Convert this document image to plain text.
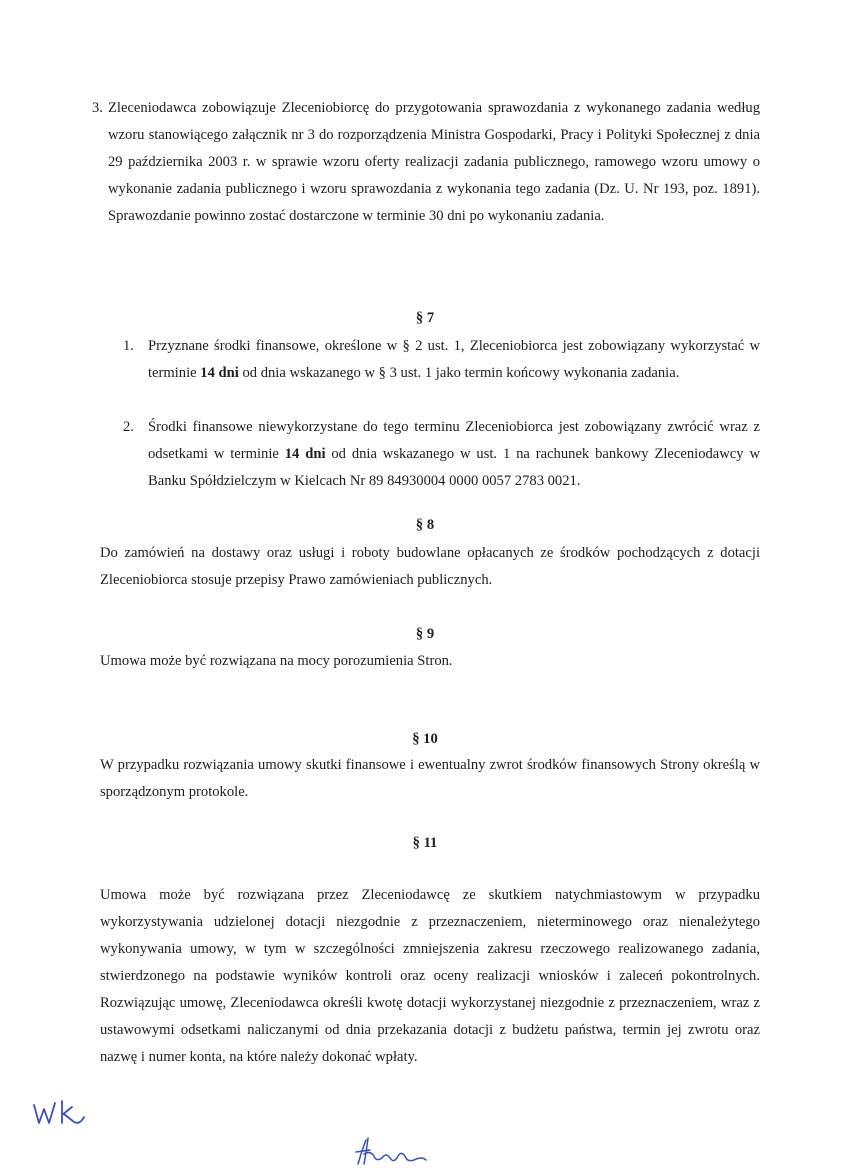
3. Zleceniodawca zobowiązuje Zleceniobiorcę do przygotowania sprawozdania z wykonanego zadania według wzoru stanowiącego załącznik nr 3 do rozporządzenia Ministra Gospodarki, Pracy i Polityki Społecznej z dnia 29 października 2003 r. w sprawie wzoru oferty realizacji zadania publicznego, ramowego wzoru umowy o wykonanie zadania publicznego i wzoru sprawozdania z wykonania tego zadania (Dz. U. Nr 193, poz. 1891). Sprawozdanie powinno zostać dostarczone w terminie 30 dni po wykonaniu zadania.
§ 7
1. Przyznane środki finansowe, określone w § 2 ust. 1, Zleceniobiorca jest zobowiązany wykorzystać w terminie 14 dni od dnia wskazanego w § 3 ust. 1 jako termin końcowy wykonania zadania.
2. Środki finansowe niewykorzystane do tego terminu Zleceniobiorca jest zobowiązany zwrócić wraz z odsetkami w terminie 14 dni od dnia wskazanego w ust. 1 na rachunek bankowy Zleceniodawcy w Banku Spółdzielczym w Kielcach Nr 89 84930004 0000 0057 2783 0021.
§ 8
Do zamówień na dostawy oraz usługi i roboty budowlane opłacanych ze środków pochodzących z dotacji Zleceniobiorca stosuje przepisy Prawo zamówieniach publicznych.
§ 9
Umowa może być rozwiązana na mocy porozumienia Stron.
§ 10
W przypadku rozwiązania umowy skutki finansowe i ewentualny zwrot środków finansowych Strony określą w sporządzonym protokole.
§ 11
Umowa może być rozwiązana przez Zleceniodawcę ze skutkiem natychmiastowym w przypadku wykorzystywania udzielonej dotacji niezgodnie z przeznaczeniem, nieterminowego oraz nienależytego wykonywania umowy, w tym w szczególności zmniejszenia zakresu rzeczowego realizowanego zadania, stwierdzonego na podstawie wyników kontroli oraz oceny realizacji wniosków i zaleceń pokontrolnych. Rozwiązując umowę, Zleceniodawca określi kwotę dotacji wykorzystanej niezgodnie z przeznaczeniem, wraz z ustawowymi odsetkami naliczanymi od dnia przekazania dotacji z budżetu państwa, termin jej zwrotu oraz nazwę i numer konta, na które należy dokonać wpłaty.
